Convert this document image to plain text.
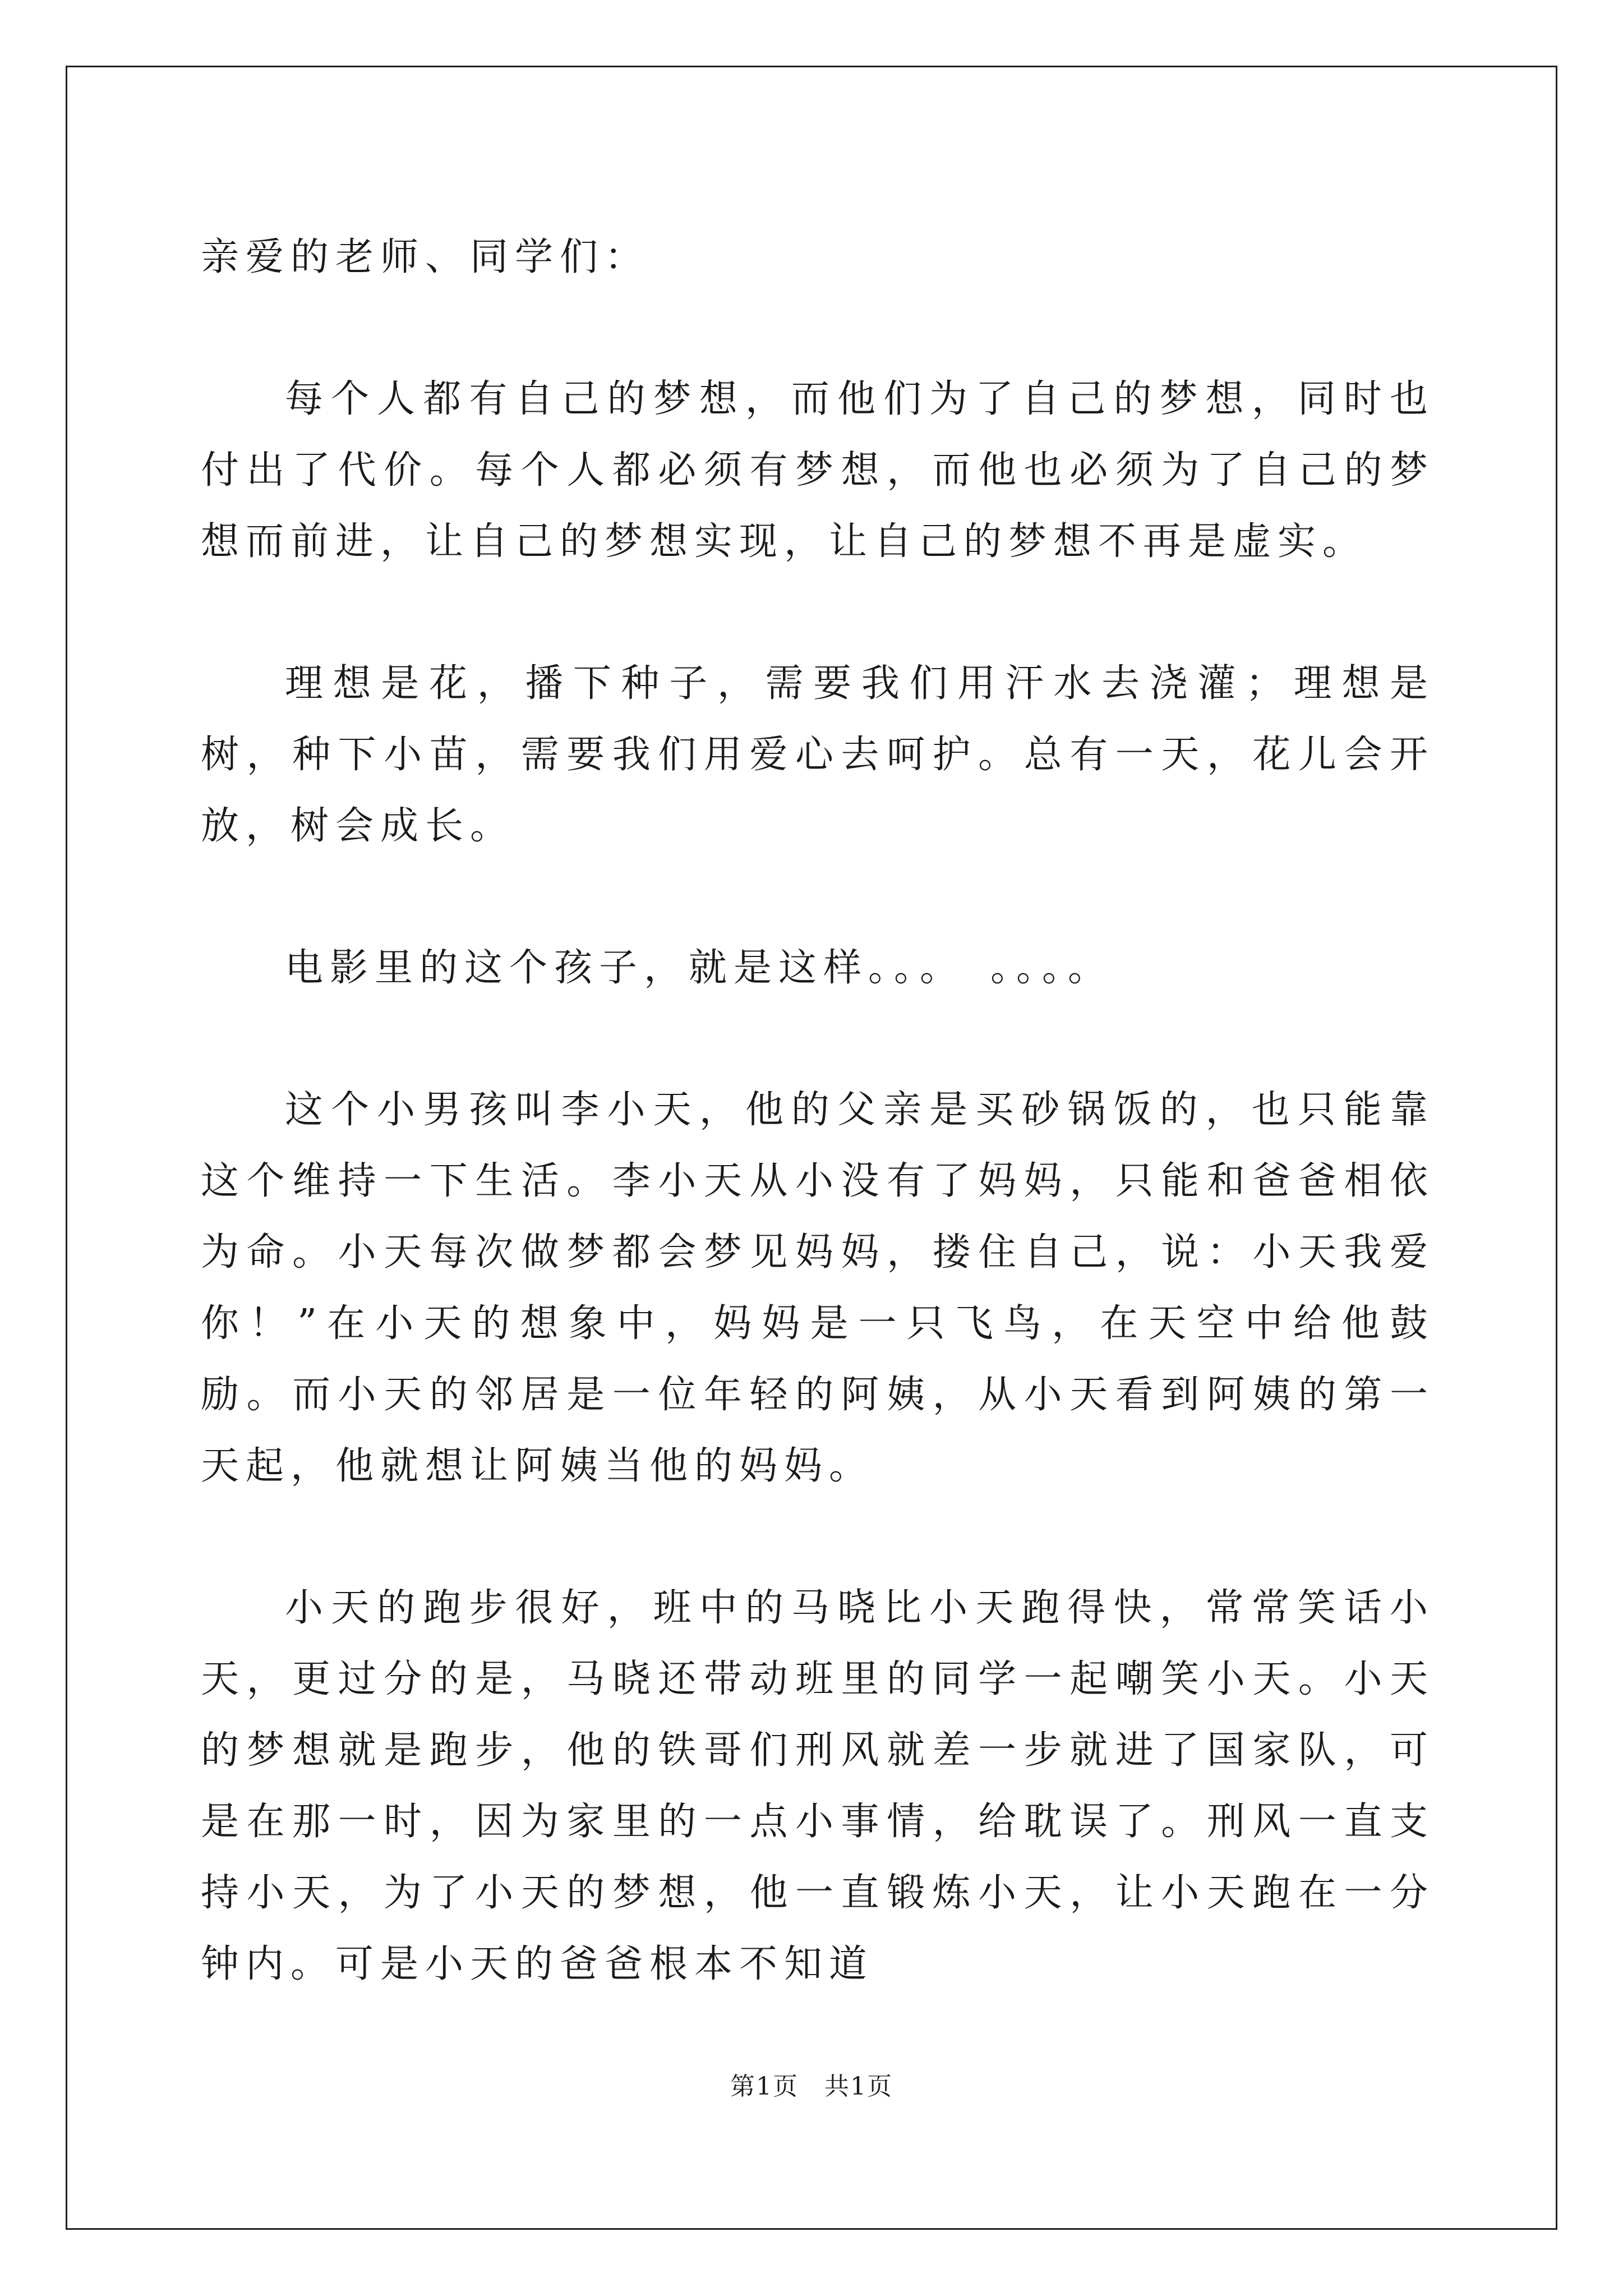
亲爱的老师、同学们：

每个人都有自己的梦想，而他们为了自己的梦想，同时也付出了代价。每个人都必须有梦想，而他也必须为了自己的梦想而前进，让自己的梦想实现，让自己的梦想不再是虚实。

理想是花，播下种子，需要我们用汗水去浇灌；理想是树，种下小苗，需要我们用爱心去呵护。总有一天，花儿会开放，树会成长。

电影里的这个孩子，就是这样。。。　。。。。

这个小男孩叫李小天，他的父亲是买砂锅饭的，也只能靠这个维持一下生活。李小天从小没有了妈妈，只能和爸爸相依为命。小天每次做梦都会梦见妈妈，搂住自己，说：小天我爱你！”在小天的想象中，妈妈是一只飞鸟，在天空中给他鼓励。而小天的邻居是一位年轻的阿姨，从小天看到阿姨的第一天起，他就想让阿姨当他的妈妈。

小天的跑步很好，班中的马晓比小天跑得快，常常笑话小天，更过分的是，马晓还带动班里的同学一起嘲笑小天。小天的梦想就是跑步，他的铁哥们刑风就差一步就进了国家队，可是在那一时，因为家里的一点小事情，给耽误了。刑风一直支持小天，为了小天的梦想，他一直锻炼小天，让小天跑在一分钟内。可是小天的爸爸根本不知道

第1页　共1页
